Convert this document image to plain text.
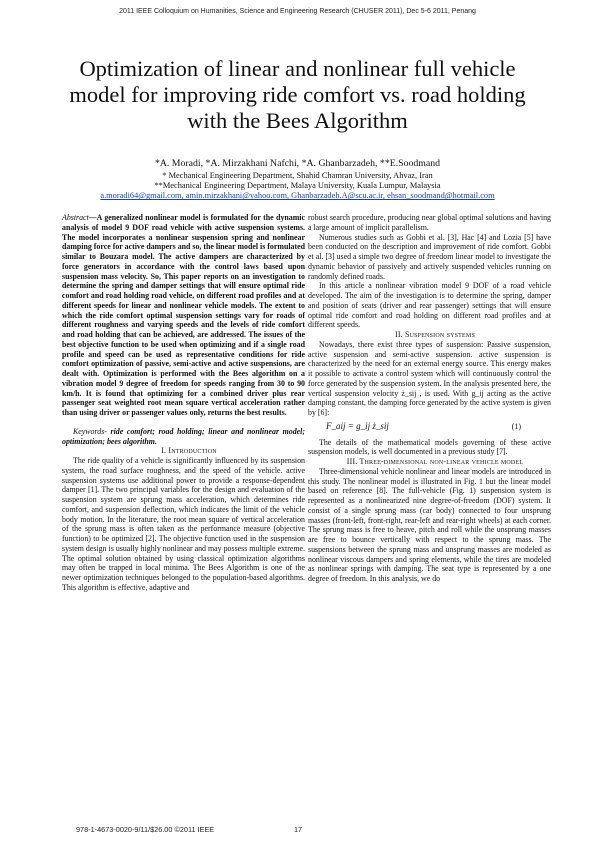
2011 IEEE Colloquium on Humanities, Science and Engineering Research (CHUSER 2011), Dec 5-6 2011, Penang
Optimization of linear and nonlinear full vehicle
model for improving ride comfort vs. road holding
with the Bees Algorithm
*A. Moradi, *A. Mirzakhani Nafchi, *A. Ghanbarzadeh, **E.Soodmand
* Mechanical Engineering Department, Shahid Chamran University, Ahvaz, Iran
**Mechanical Engineering Department, Malaya University, Kuala Lumpur, Malaysia
a.moradi64@gmail.com, amin.mirzakhani@yahoo.com, Ghanbarzadeh.A@scu.ac.ir, ehsan_soodmand@hotmail.com

Abstract—A generalized nonlinear model is formulated for the dynamic analysis of model 9 DOF road vehicle with active suspension systems. The model incorporates a nonlinear suspension spring and nonlinear damping force for active dampers and so, the linear model is formulated similar to Bouzara model. The active dampers are characterized by force generators in accordance with the control laws based upon suspension mass velocity. So, This paper reports on an investigation to determine the spring and damper settings that will ensure optimal ride comfort and road holding road vehicle, on different road profiles and at different speeds for linear and nonlinear vehicle models. The extent to which the ride comfort optimal suspension settings vary for roads of different roughness and varying speeds and the levels of ride comfort and road holding that can be achieved, are addressed. The issues of the best objective function to be used when optimizing and if a single road profile and speed can be used as representative conditions for ride comfort optimization of passive, semi-active and active suspensions, are dealt with. Optimization is performed with the Bees algorithm on a vibration model 9 degree of freedom for speeds ranging from 30 to 90 km/h. It is found that optimizing for a combined driver plus rear passenger seat weighted root mean square vertical acceleration rather than using driver or passenger values only, returns the best results.

Keywords- ride comfort; road holding; linear and nonlinear model; optimization; bees algorithm.

I. Introduction

The ride quality of a vehicle is significantly influenced by its suspension system, the road surface roughness, and the speed of the vehicle. active suspension systems use additional power to provide a response-dependent damper [1]. The two principal variables for the design and evaluation of the suspension system are sprung mass acceleration, which determines ride comfort, and suspension deflection, which indicates the limit of the vehicle body motion. In the literature, the root mean square of vertical acceleration of the sprung mass is often taken as the performance measure (objective function) to be optimized [2]. The objective function used in the suspension system design is usually highly nonlinear and may possess multiple extreme. The optimal solution obtained by using classical optimization algorithms may often be trapped in local minima. The Bees Algorithm is one of the newer optimization techniques belonged to the population-based algorithms. This algorithm is effective, adaptive and

robust search procedure, producing near global optimal solutions and having a large amount of implicit parallelism.

Numerous studies such as Gobbi et al. [3], Hac [4] and Lozia [5] have been conducted on the description and improvement of ride comfort. Gobbi et al. [3] used a simple two degree of freedom linear model to investigate the dynamic behavior of passively and actively suspended vehicles running on randomly defined roads.

In this article a nonlinear vibration model 9 DOF of a road vehicle developed. The aim of the investigation is to determine the spring, damper and position of seats (driver and rear passenger) settings that will ensure optimal ride comfort and road holding on different road profiles and at different speeds.

II. Suspension systems

Nowadays, there exist three types of suspension: Passive suspension, active suspension and semi-active suspension. active suspension is characterized by the need for an external energy source. This energy makes it possible to activate a control system which will continuously control the force generated by the suspension system. In the analysis presented here, the vertical suspension velocity ż_sij , is used. With g_ij acting as the active damping constant, the damping force generated by the active system is given by [6]:

F_aij = g_ij ż_sij	(1)

The details of the mathematical models governing of these active suspension models, is well documented in a previous study [7].

III. Three-dimensional non-linear vehicle model

Three-dimensional vehicle nonlinear and linear models are introduced in this study. The nonlinear model is illustrated in Fig. 1 but the linear model based on reference [8]. The full-vehicle (Fig. 1) suspension system is represented as a nonlinearized nine degree-of-freedom (DOF) system. It consist of a single sprung mass (car body) connected to four unsprung masses (front-left, front-right, rear-left and rear-right wheels) at each corner. The sprung mass is free to heave, pitch and roll while the unsprung masses are free to bounce vertically with respect to the sprung mass. The suspensions between the sprung mass and unsprung masses are modeled as nonlinear viscous dampers and spring elements, while the tires are modeled as nonlinear springs with damping. The seat type is represented by a one degree of freedom. In this analysis, we do

978-1-4673-0020-9/11/$26.00 ©2011 IEEE	17
